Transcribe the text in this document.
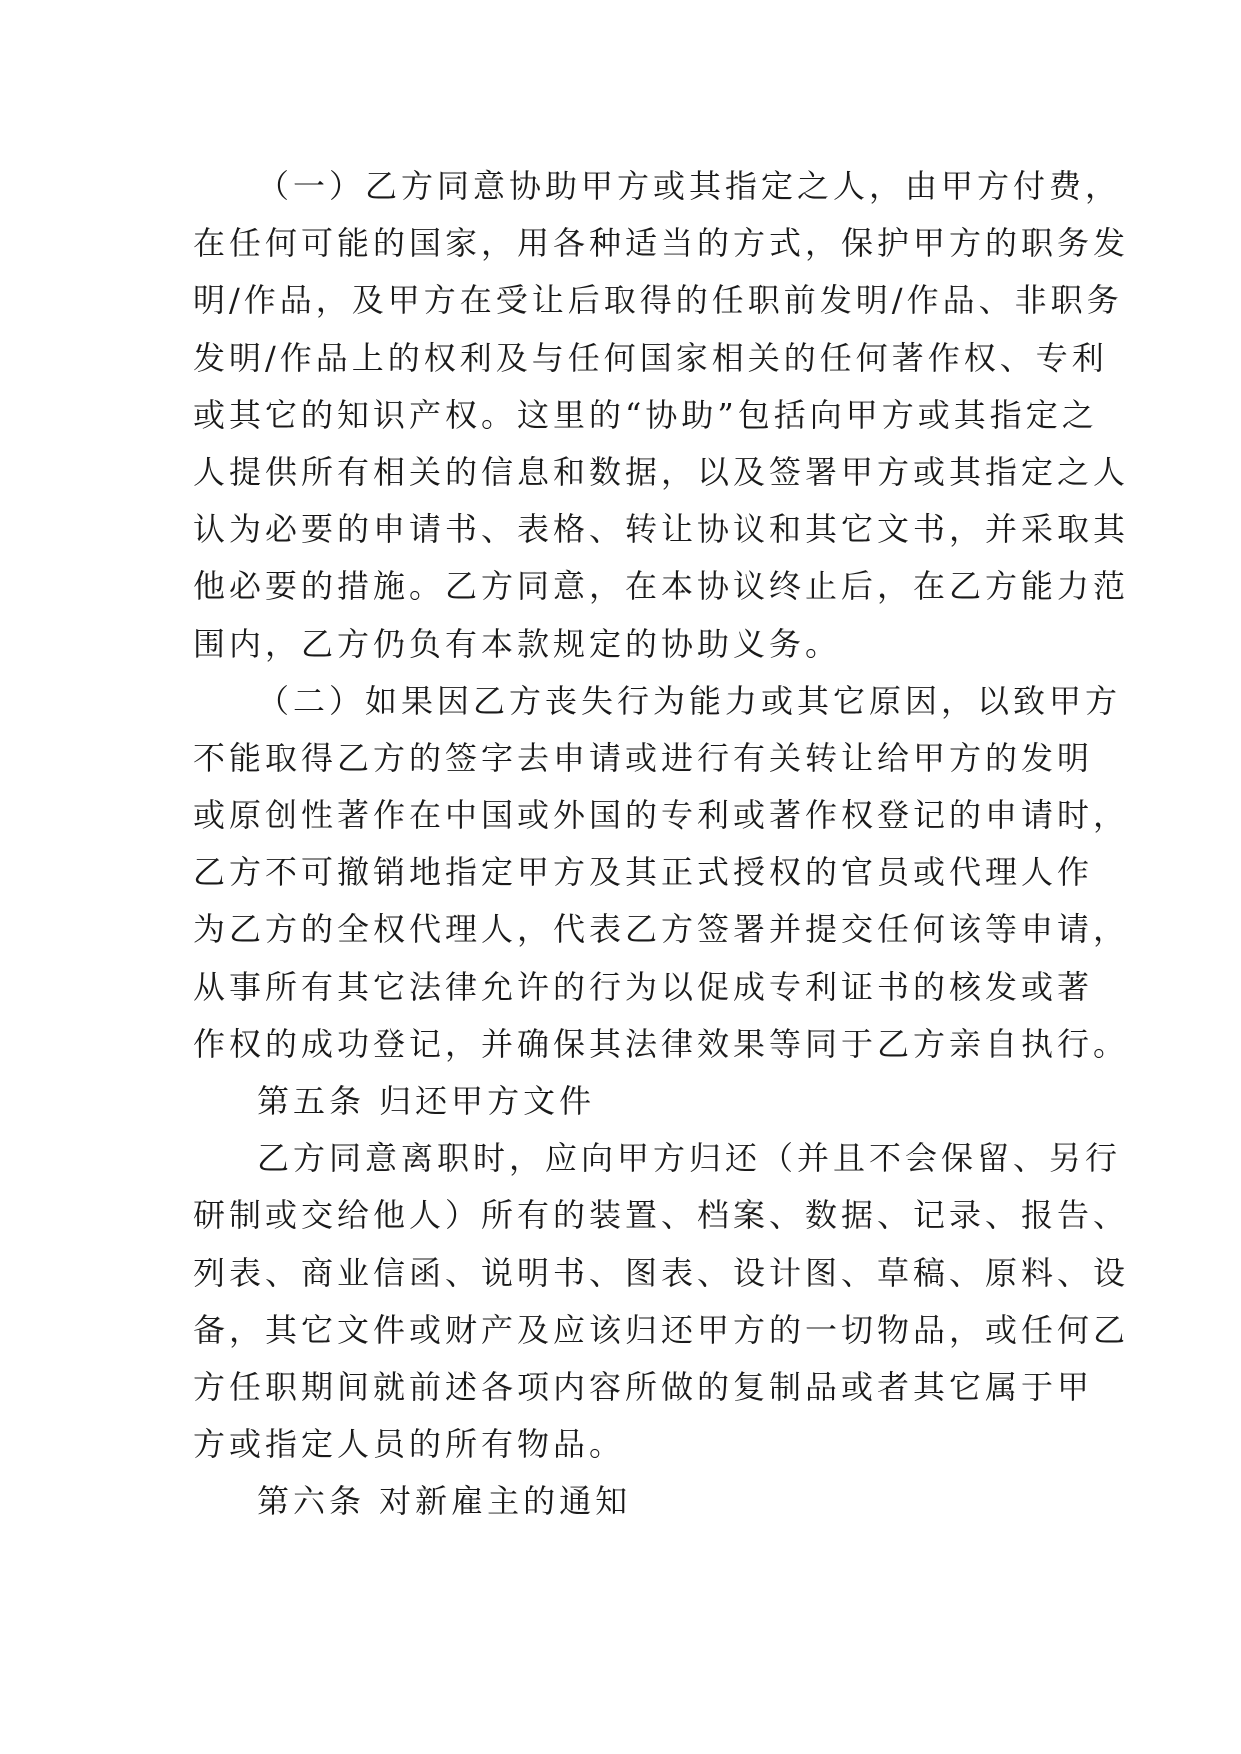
（一）乙方同意协助甲方或其指定之人，由甲方付费，
在任何可能的国家，用各种适当的方式，保护甲方的职务发
明/作品，及甲方在受让后取得的任职前发明/作品、非职务
发明/作品上的权利及与任何国家相关的任何著作权、专利
或其它的知识产权。这里的“协助”包括向甲方或其指定之
人提供所有相关的信息和数据，以及签署甲方或其指定之人
认为必要的申请书、表格、转让协议和其它文书，并采取其
他必要的措施。乙方同意，在本协议终止后，在乙方能力范
围内，乙方仍负有本款规定的协助义务。
（二）如果因乙方丧失行为能力或其它原因，以致甲方
不能取得乙方的签字去申请或进行有关转让给甲方的发明
或原创性著作在中国或外国的专利或著作权登记的申请时，
乙方不可撤销地指定甲方及其正式授权的官员或代理人作
为乙方的全权代理人，代表乙方签署并提交任何该等申请，
从事所有其它法律允许的行为以促成专利证书的核发或著
作权的成功登记，并确保其法律效果等同于乙方亲自执行。
第五条 归还甲方文件
乙方同意离职时，应向甲方归还（并且不会保留、另行
研制或交给他人）所有的装置、档案、数据、记录、报告、
列表、商业信函、说明书、图表、设计图、草稿、原料、设
备，其它文件或财产及应该归还甲方的一切物品，或任何乙
方任职期间就前述各项内容所做的复制品或者其它属于甲
方或指定人员的所有物品。
第六条 对新雇主的通知
